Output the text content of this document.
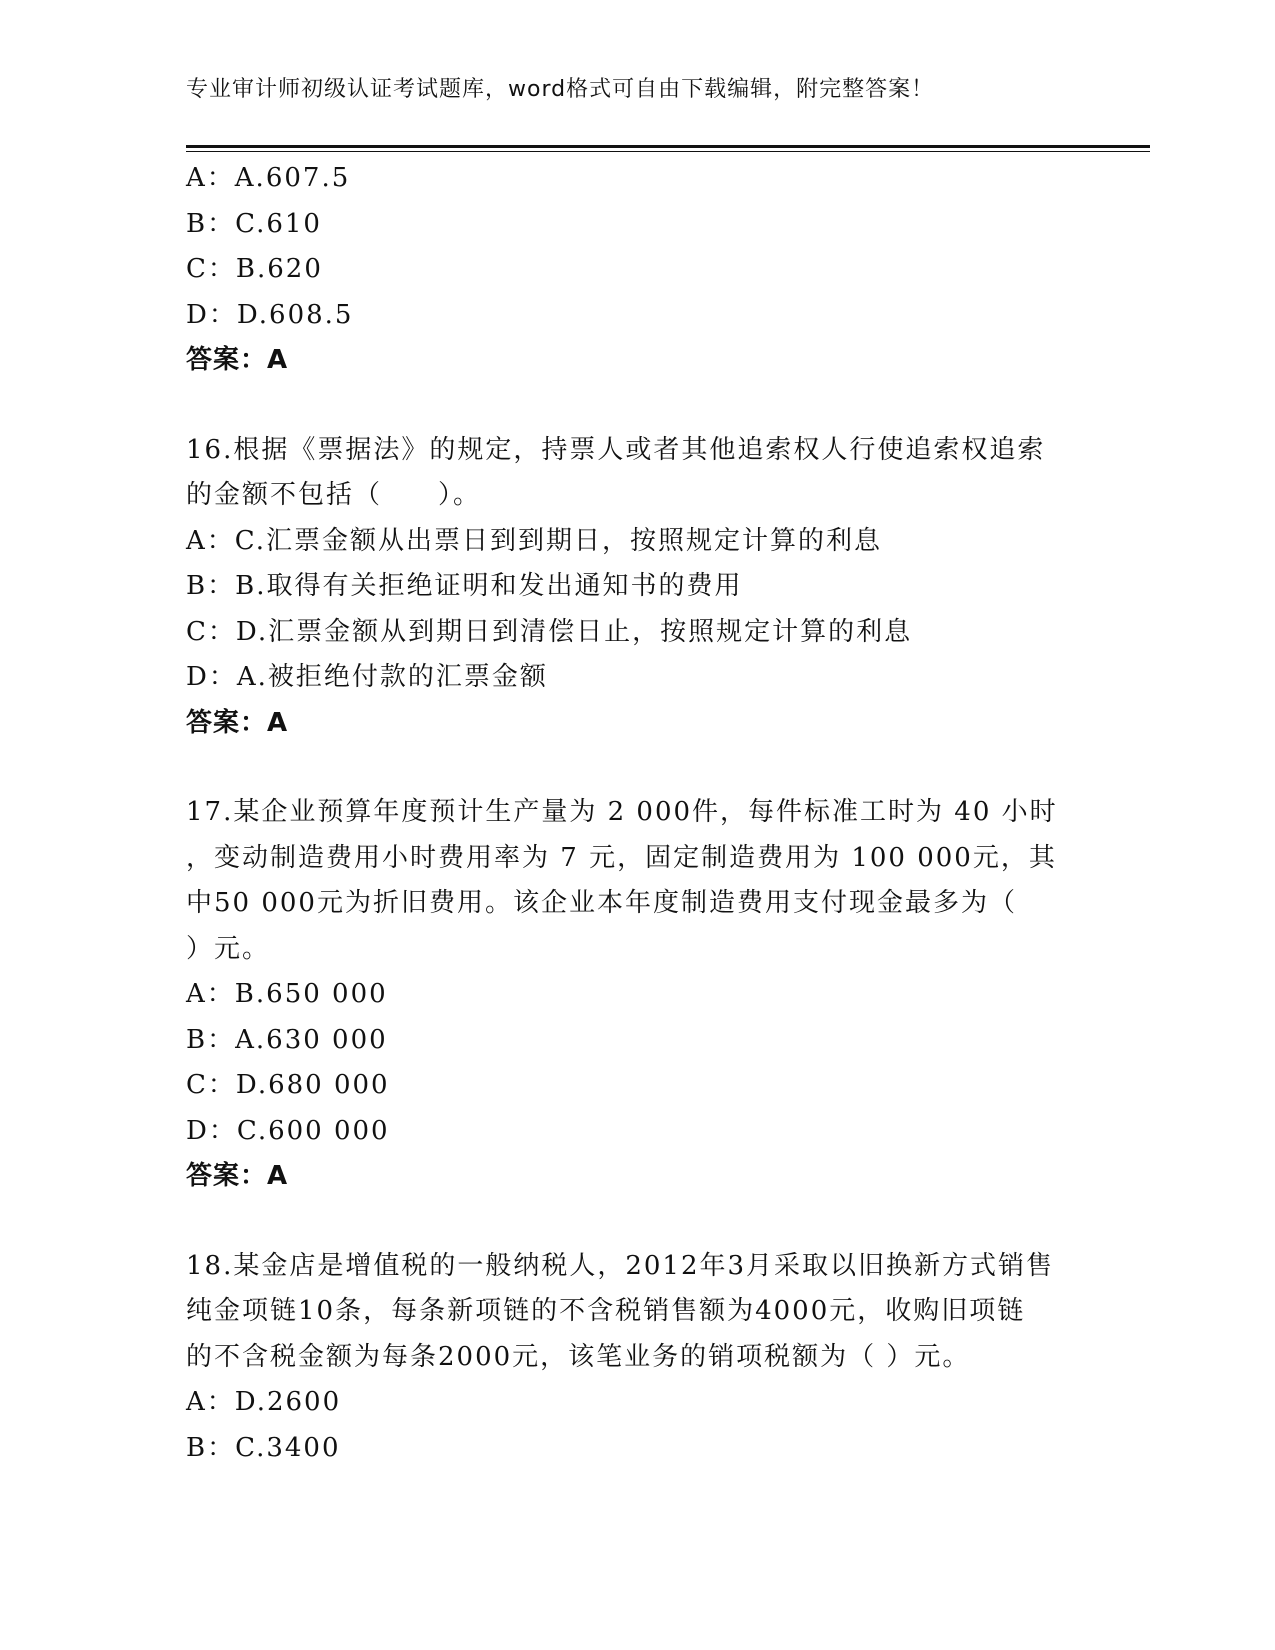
专业审计师初级认证考试题库，word格式可自由下载编辑，附完整答案！
A：A.607.5
B：C.610
C：B.620
D：D.608.5
答案：A
16.根据《票据法》的规定，持票人或者其他追索权人行使追索权追索
的金额不包括（　　）。
A：C.汇票金额从出票日到到期日，按照规定计算的利息
B：B.取得有关拒绝证明和发出通知书的费用
C：D.汇票金额从到期日到清偿日止，按照规定计算的利息
D：A.被拒绝付款的汇票金额
答案：A
17.某企业预算年度预计生产量为 2 000件，每件标准工时为 40 小时
，变动制造费用小时费用率为 7 元，固定制造费用为 100 000元，其
中50 000元为折旧费用。该企业本年度制造费用支付现金最多为（
）元。
A：B.650 000
B：A.630 000
C：D.680 000
D：C.600 000
答案：A
18.某金店是增值税的一般纳税人，2012年3月采取以旧换新方式销售
纯金项链10条，每条新项链的不含税销售额为4000元，收购旧项链
的不含税金额为每条2000元，该笔业务的销项税额为（ ）元。
A：D.2600
B：C.3400
